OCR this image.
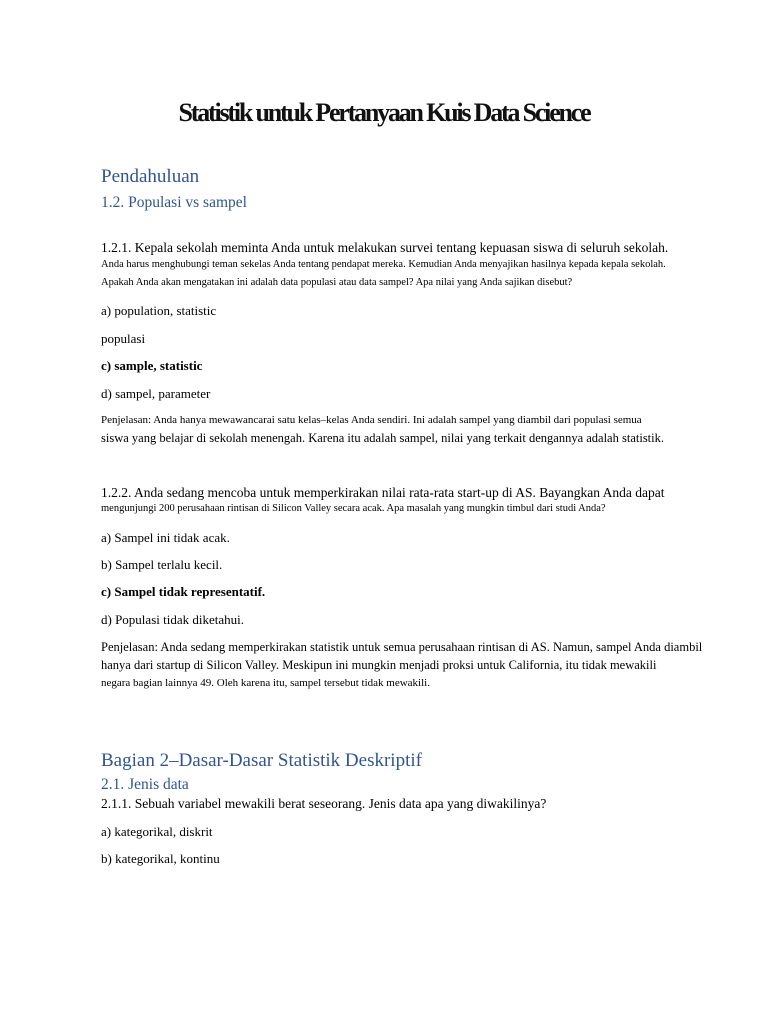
Statistik untuk Pertanyaan Kuis Data Science
Pendahuluan
1.2. Populasi vs sampel
1.2.1. Kepala sekolah meminta Anda untuk melakukan survei tentang kepuasan siswa di seluruh sekolah.
Anda harus menghubungi teman sekelas Anda tentang pendapat mereka. Kemudian Anda menyajikan hasilnya kepada kepala sekolah.
Apakah Anda akan mengatakan ini adalah data populasi atau data sampel? Apa nilai yang Anda sajikan disebut?
a) population, statistic
populasi
c) sample, statistic
d) sampel, parameter
Penjelasan: Anda hanya mewawancarai satu kelas–kelas Anda sendiri. Ini adalah sampel yang diambil dari populasi semua
siswa yang belajar di sekolah menengah. Karena itu adalah sampel, nilai yang terkait dengannya adalah statistik.
1.2.2. Anda sedang mencoba untuk memperkirakan nilai rata-rata start-up di AS. Bayangkan Anda dapat
mengunjungi 200 perusahaan rintisan di Silicon Valley secara acak. Apa masalah yang mungkin timbul dari studi Anda?
a) Sampel ini tidak acak.
b) Sampel terlalu kecil.
c) Sampel tidak representatif.
d) Populasi tidak diketahui.
Penjelasan: Anda sedang memperkirakan statistik untuk semua perusahaan rintisan di AS. Namun, sampel Anda diambil
hanya dari startup di Silicon Valley. Meskipun ini mungkin menjadi proksi untuk California, itu tidak mewakili
negara bagian lainnya 49. Oleh karena itu, sampel tersebut tidak mewakili.
Bagian 2–Dasar-Dasar Statistik Deskriptif
2.1. Jenis data
2.1.1. Sebuah variabel mewakili berat seseorang. Jenis data apa yang diwakilinya?
a) kategorikal, diskrit
b) kategorikal, kontinu
